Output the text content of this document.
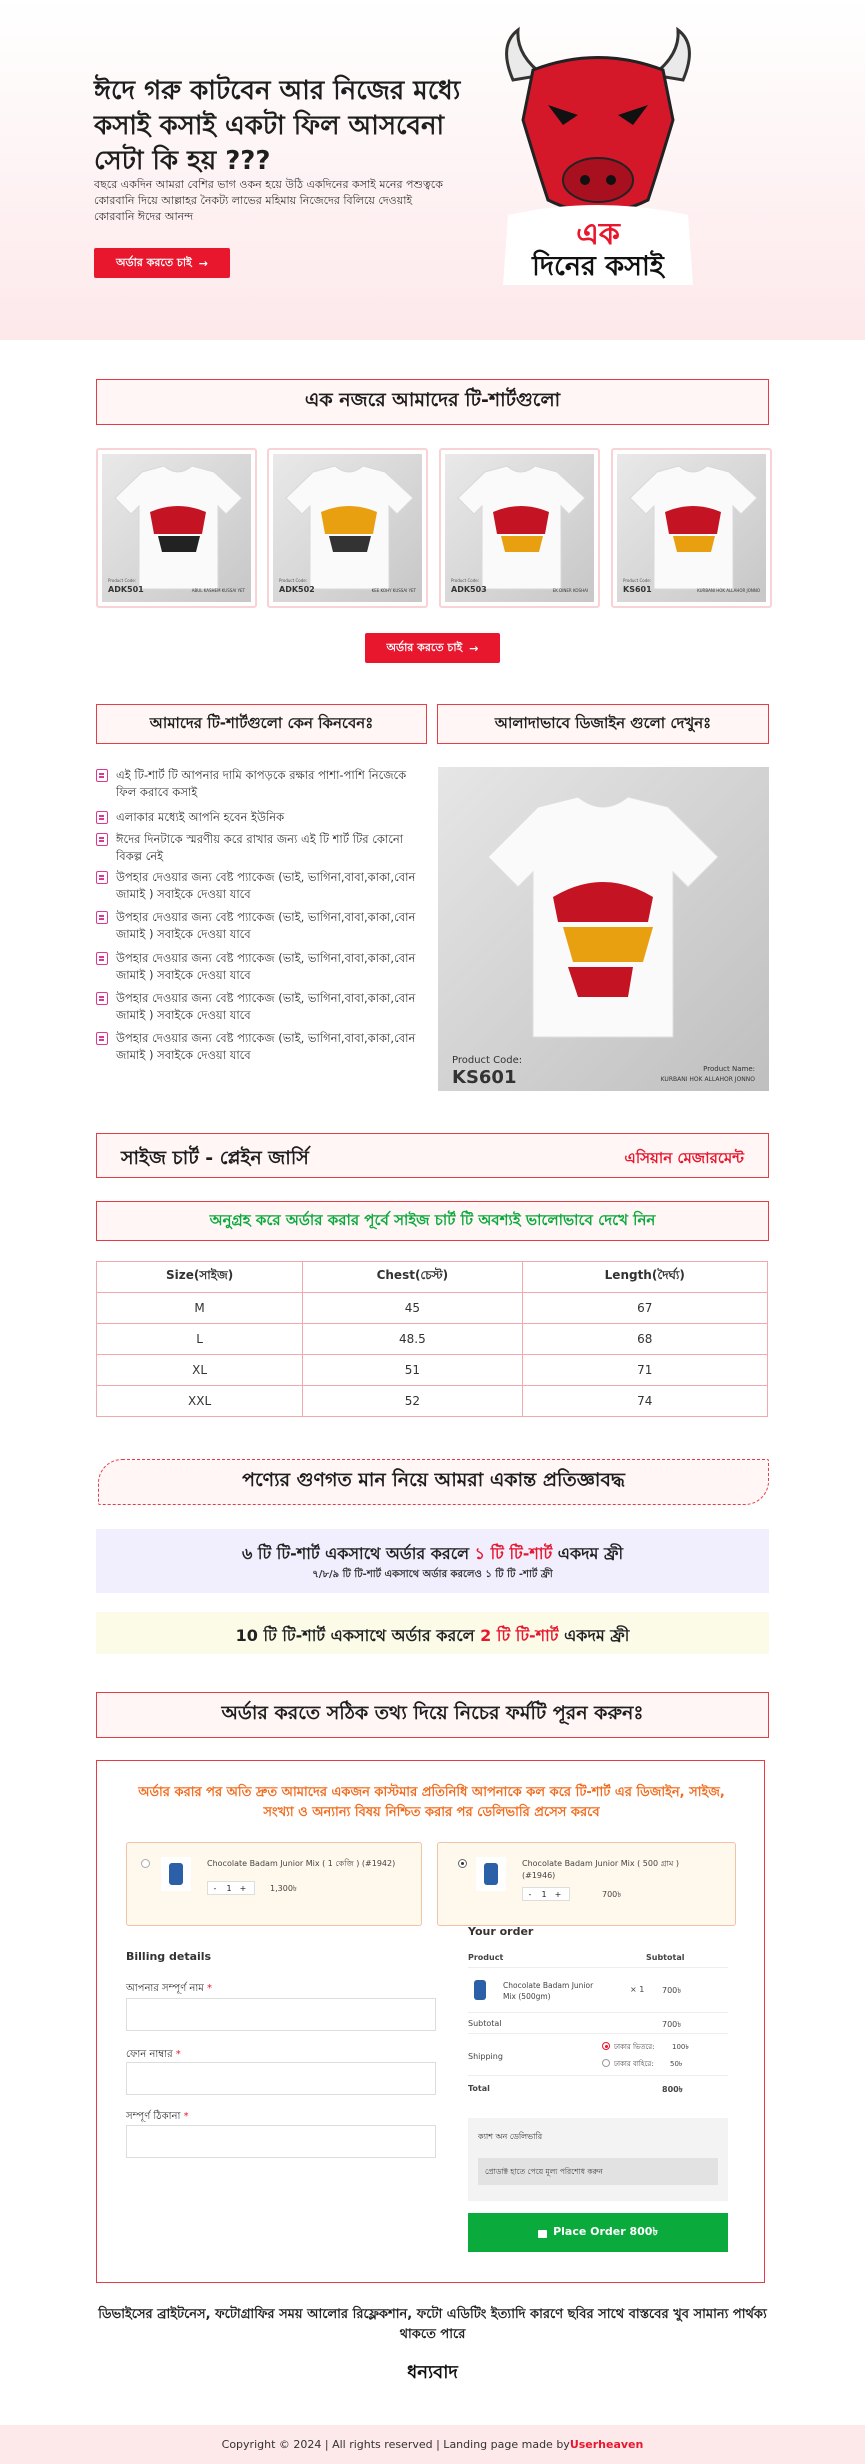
ঈদে গরু কাটবেন আর নিজের মধ্যে কসাই কসাই একটা ফিল আসবেনা সেটা কি হয় ???
বছরে একদিন আমরা বেশির ভাগ ওকন হয়ে উঠি একদিনের কসাই মনের পশুত্বকে কোরবানি দিয়ে আল্লাহর নৈকট্য লাভের মহিমায় নিজেদের বিলিয়ে দেওয়াই কোরবানি ঈদের আনন্দ
অর্ডার করতে চাই →
এক
দিনের কসাই
এক নজরে আমাদের টি-শার্টগুলো
Product Code:
ADK501	ABUL KASHEM KUSSAI YET
Product Code:
ADK502	KEE KOHY KUSSAI YET
Product Code:
ADK503	EK DINER KOSHAI
Product Code:
KS601	KURBANI HOK ALLAHOR JONNO
অর্ডার করতে চাই →
আমাদের টি-শার্টগুলো কেন কিনবেনঃ	আলাদাভাবে ডিজাইন গুলো দেখুনঃ
এই টি-শার্ট টি আপনার দামি কাপড়কে রক্ষার পাশা-পাশি নিজেকে ফিল করাবে কসাই
এলাকার মধ্যেই আপনি হবেন ইউনিক
ঈদের দিনটাকে স্মরণীয় করে রাখার জন্য এই টি শার্ট টির কোনো বিকল্প নেই
উপহার দেওয়ার জন্য বেষ্ট প্যাকেজ (ভাই, ভাগিনা,বাবা,কাকা,বোন জামাই ) সবাইকে দেওয়া যাবে
উপহার দেওয়ার জন্য বেষ্ট প্যাকেজ (ভাই, ভাগিনা,বাবা,কাকা,বোন জামাই ) সবাইকে দেওয়া যাবে
উপহার দেওয়ার জন্য বেষ্ট প্যাকেজ (ভাই, ভাগিনা,বাবা,কাকা,বোন জামাই ) সবাইকে দেওয়া যাবে
উপহার দেওয়ার জন্য বেষ্ট প্যাকেজ (ভাই, ভাগিনা,বাবা,কাকা,বোন জামাই ) সবাইকে দেওয়া যাবে
উপহার দেওয়ার জন্য বেষ্ট প্যাকেজ (ভাই, ভাগিনা,বাবা,কাকা,বোন জামাই ) সবাইকে দেওয়া যাবে	Product Code:
KS601	Product Name:
KURBANI HOK ALLAHOR JONNO
সাইজ চার্ট - প্লেইন জার্সি	এসিয়ান মেজারমেন্ট
অনুগ্রহ করে অর্ডার করার পূর্বে সাইজ চার্ট টি অবশ্যই ভালোভাবে দেখে নিন
Size(সাইজ)	Chest(চেস্ট)	Length(দৈর্ঘ্য)
M	45	67
L	48.5	68
XL	51	71
XXL	52	74
পণ্যের গুণগত মান নিয়ে আমরা একান্ত প্রতিজ্ঞাবদ্ধ
৬ টি টি-শার্ট একসাথে অর্ডার করলে ১ টি টি-শার্ট একদম ফ্রী
৭/৮/৯ টি টি-শার্ট একসাথে অর্ডার করলেও ১ টি টি -শার্ট ফ্রী
10 টি টি-শার্ট একসাথে অর্ডার করলে 2 টি টি-শার্ট একদম ফ্রী
অর্ডার করতে সঠিক তথ্য দিয়ে নিচের ফর্মটি পূরন করুনঃ
অর্ডার করার পর অতি দ্রুত আমাদের একজন কাস্টমার প্রতিনিধি আপনাকে কল করে টি-শার্ট এর ডিজাইন, সাইজ, সংখ্যা ও অন্যান্য বিষয় নিশ্চিত করার পর ডেলিভারি প্রসেস করবে
Chocolate Badam Junior Mix ( 1 কেজি ) (#1942)
-	1	+	1,300৳
Chocolate Badam Junior Mix ( 500 গ্রাম ) (#1946)
-	1	+	700৳
Billing details
আপনার সম্পূর্ণ নাম *
ফোন নাম্বার *
সম্পূর্ণ ঠিকানা *
Your order
Product	Subtotal
Chocolate Badam Junior Mix (500gm)
× 1 700৳
Subtotal	700৳
Shipping
ঢাকার ভিতরে:	100৳
ঢাকার বাহিরে: 50৳
Total	800৳
ক্যাশ অন ডেলিভারি
প্রোডাক্ট হাতে পেয়ে মূল্য পরিশোধ করুন
Place Order 800৳
ডিভাইসের ব্রাইটনেস, ফটোগ্রাফির সময় আলোর রিফ্লেকশান, ফটো এডিটিং ইত্যাদি কারণে ছবির সাথে বাস্তবের খুব সামান্য পার্থক্য থাকতে পারে
ধন্যবাদ
Copyright © 2024 | All rights reserved | Landing page made by Userheaven
